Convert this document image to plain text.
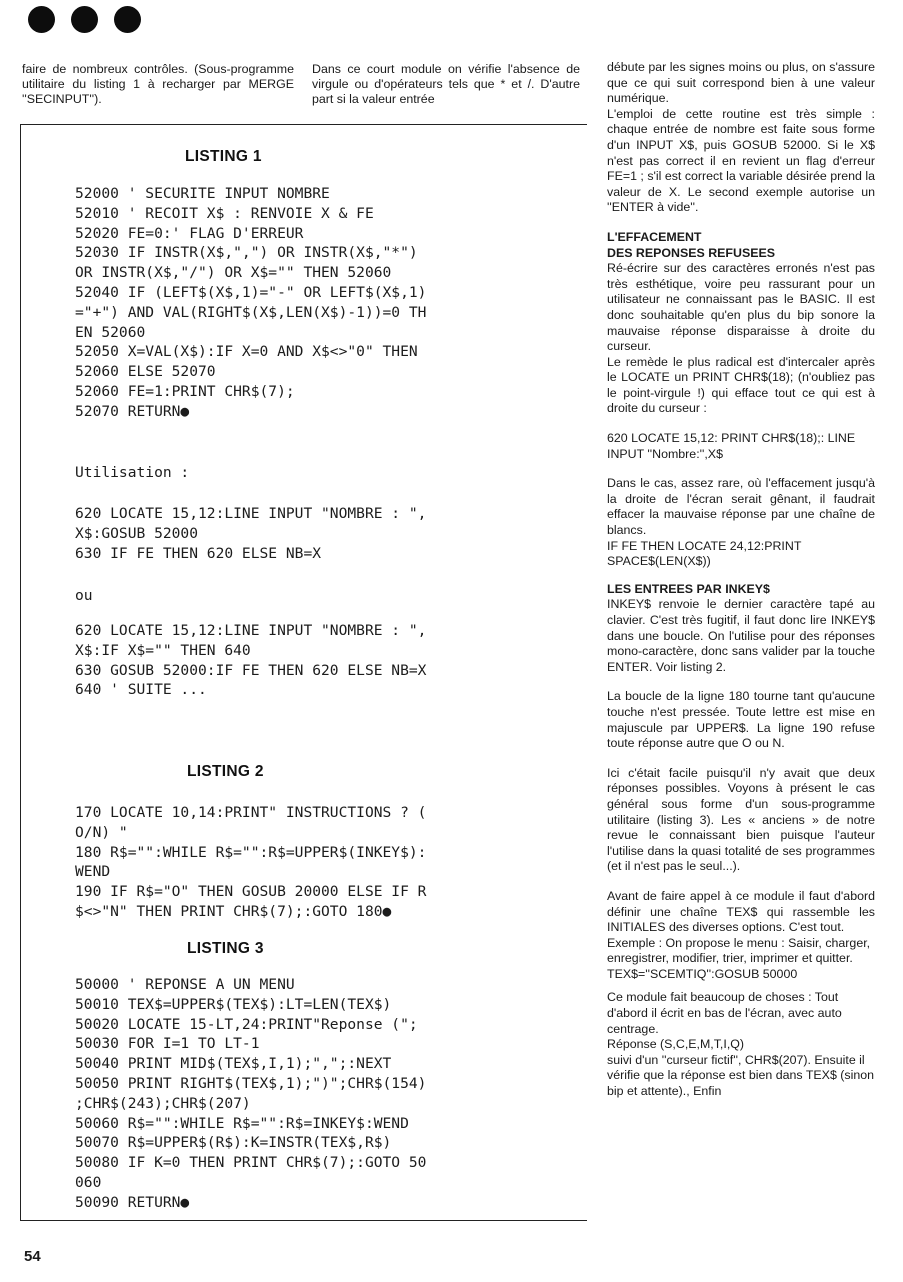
faire de nombreux contrôles. (Sous-programme utilitaire du listing 1 à recharger par MERGE ''SECINPUT'').

Dans ce court module on vérifie l'absence de virgule ou d'opérateurs tels que * et /. D'autre part si la valeur entrée

LISTING 1
52000 ' SECURITE INPUT NOMBRE
52010 ' RECOIT X$ : RENVOIE X & FE
52020 FE=0:' FLAG D'ERREUR
52030 IF INSTR(X$,",") OR INSTR(X$,"*")
OR INSTR(X$,"/") OR X$="" THEN 52060
52040 IF (LEFT$(X$,1)="-" OR LEFT$(X$,1)
="+") AND VAL(RIGHT$(X$,LEN(X$)-1))=0 TH
EN 52060
52050 X=VAL(X$):IF X=0 AND X$<>"0" THEN
52060 ELSE 52070
52060 FE=1:PRINT CHR$(7);
52070 RETURN●
Utilisation :
620 LOCATE 15,12:LINE INPUT "NOMBRE : ",
X$:GOSUB 52000
630 IF FE THEN 620 ELSE NB=X
ou
620 LOCATE 15,12:LINE INPUT "NOMBRE : ",
X$:IF X$="" THEN 640
630 GOSUB 52000:IF FE THEN 620 ELSE NB=X
640 ' SUITE ...
LISTING 2
170 LOCATE 10,14:PRINT" INSTRUCTIONS ? (
O/N) "
180 R$="":WHILE R$="":R$=UPPER$(INKEY$):
WEND
190 IF R$="O" THEN GOSUB 20000 ELSE IF R
$<>"N" THEN PRINT CHR$(7);:GOTO 180●
LISTING 3
50000 ' REPONSE A UN MENU
50010 TEX$=UPPER$(TEX$):LT=LEN(TEX$)
50020 LOCATE 15-LT,24:PRINT"Reponse (";
50030 FOR I=1 TO LT-1
50040 PRINT MID$(TEX$,I,1);",";:NEXT
50050 PRINT RIGHT$(TEX$,1);")";CHR$(154)
;CHR$(243);CHR$(207)
50060 R$="":WHILE R$="":R$=INKEY$:WEND
50070 R$=UPPER$(R$):K=INSTR(TEX$,R$)
50080 IF K=0 THEN PRINT CHR$(7);:GOTO 50
060
50090 RETURN●

débute par les signes moins ou plus, on s'assure que ce qui suit correspond bien à une valeur numérique.

L'emploi de cette routine est très simple : chaque entrée de nombre est faite sous forme d'un INPUT X$, puis GOSUB 52000. Si le X$ n'est pas correct il en revient un flag d'erreur FE=1 ; s'il est correct la variable désirée prend la valeur de X. Le second exemple autorise un ''ENTER à vide''.

L'EFFACEMENT
DES REPONSES REFUSEES

Ré-écrire sur des caractères erronés n'est pas très esthétique, voire peu rassurant pour un utilisateur ne connaissant pas le BASIC. Il est donc souhaitable qu'en plus du bip sonore la mauvaise réponse disparaisse à droite du curseur.

Le remède le plus radical est d'intercaler après le LOCATE un PRINT CHR$(18); (n'oubliez pas le point-virgule !) qui efface tout ce qui est à droite du curseur :

620 LOCATE 15,12: PRINT CHR$(18);: LINE INPUT ''Nombre:'',X$

Dans le cas, assez rare, où l'effacement jusqu'à la droite de l'écran serait gênant, il faudrait effacer la mauvaise réponse par une chaîne de blancs.

IF FE THEN LOCATE 24,12:PRINT SPACE$(LEN(X$))

LES ENTREES PAR INKEY$

INKEY$ renvoie le dernier caractère tapé au clavier. C'est très fugitif, il faut donc lire INKEY$ dans une boucle. On l'utilise pour des réponses mono-caractère, donc sans valider par la touche ENTER. Voir listing 2.

La boucle de la ligne 180 tourne tant qu'aucune touche n'est pressée. Toute lettre est mise en majuscule par UPPER$. La ligne 190 refuse toute réponse autre que O ou N.

Ici c'était facile puisqu'il n'y avait que deux réponses possibles. Voyons à présent le cas général sous forme d'un sous-programme utilitaire (listing 3). Les « anciens » de notre revue le connaissant bien puisque l'auteur l'utilise dans la quasi totalité de ses programmes (et il n'est pas le seul...).

Avant de faire appel à ce module il faut d'abord définir une chaîne TEX$ qui rassemble les INITIALES des diverses options. C'est tout.

Exemple : On propose le menu : Saisir, charger, enregistrer, modifier, trier, imprimer et quitter.

TEX$=''SCEMTIQ'':GOSUB 50000

Ce module fait beaucoup de choses : Tout d'abord il écrit en bas de l'écran, avec auto centrage.

Réponse (S,C,E,M,T,I,Q)

suivi d'un ''curseur fictif'', CHR$(207). Ensuite il vérifie que la réponse est bien dans TEX$ (sinon bip et attente)., Enfin

54
